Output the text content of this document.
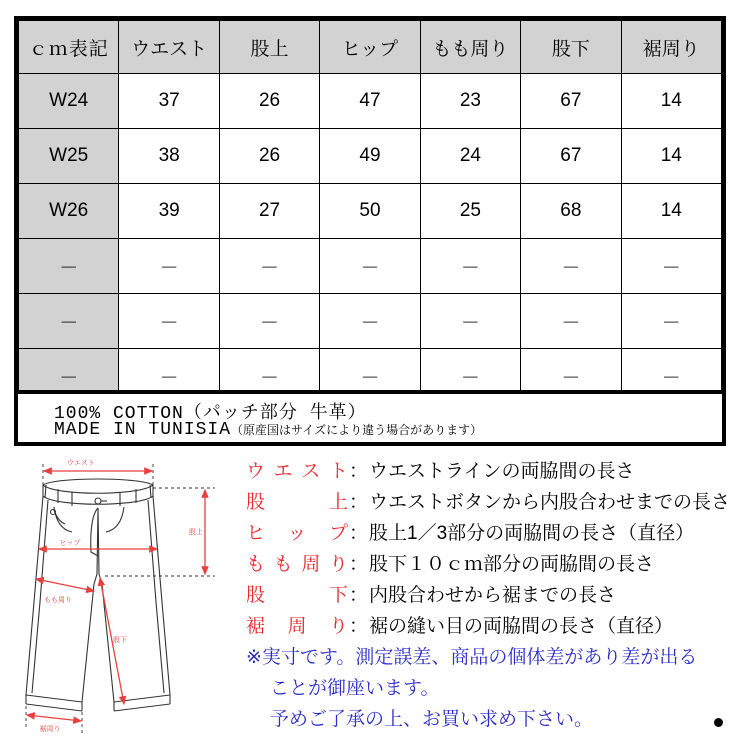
ｃｍ表記	ウエスト	股上	ヒップ	もも周り	股下	裾周り
W24	37	26	47	23	67	14
W25	38	26	49	24	67	14
W26	39	27	50	25	68	14
－	－	－	－	－	－	－
－	－	－	－	－	－	－
－	－	－	－	－	－	－
100% COTTON（パッチ部分 牛革）
MADE IN TUNISIA（原産国はサイズにより違う場合があります）
ウエスト
股上
ヒップ
もも周り
股下
裾周り
ウ エ ス ト ： ウエストラインの両脇間の長さ
股	上 ： ウエストボタンから内股合わせまでの長さ
ヒ ッ プ ： 股上1／3部分の両脇間の長さ（直径）
も も 周 り ： 股下１０ｃｍ部分の両脇間の長さ
股	下 ： 内股合わせから裾までの長さ
裾 周 り ： 裾の縫い目の両脇間の長さ（直径）
※実寸です。測定誤差、商品の個体差があり差が出る
ことが御座います。
予めご了承の上、お買い求め下さい。
